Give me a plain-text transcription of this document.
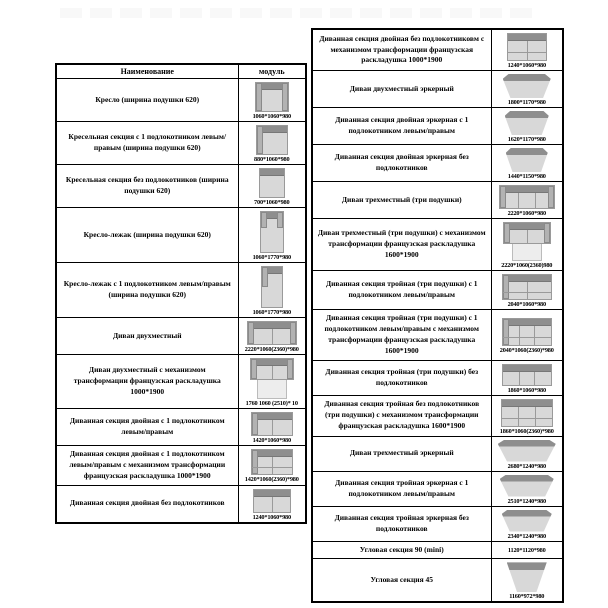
Наименование	модуль
Кресло (ширина подушки 620)	1060*1060*980

Кресельная секция с 1 подлокотником левым/правым (ширина подушки 620)	880*1060*980

Кресельная секция без подлокотников (ширина подушки 620)	700*1060*980

Кресло-лежак (ширина подушки 620)	1060*1770*980

Кресло-лежак с 1 подлокотником левым/правым (ширина подушки 620)	1060*1770*980

Диван двухместный	2220*1060(2360)*980

Диван двухместный с механизмом трансформации французская раскладушка 1000*1900	1760 1060 (2510)* 10

Диванная секция двойная с 1 подлокотником левым/правым	1420*1060*980

Диванная секция двойная с 1 подлокотником левым/правым с механизмом трансформации французская раскладушка 1000*1900	1420*1060(2360)*980

Диванная секция двойная без подлокотников	1240*1060*980
Диванная секция двойная без подлокотниковм с механизмом трансформации французская раскладушка 1000*1900	1240*1060*980

Диван двухместный эркерный	1800*1170*980

Диванная секция двойная эркерная с 1 подлокотником левым/правым	1620*1170*980

Диванная секция двойная эркерная без подлокотников	1440*1150*980

Диван трехместный (три подушки)	2220*1060*980

Диван трехместный (три подушки) с механизмом трансформации французская раскладушка 1600*1900	2220*1060(2360)980

Диванная секция тройная (три подушки) с 1 подлокотником левым/правым	2040*1060*980

Диванная секция тройная (три подушки) с 1 подлокотником левым/правым с механизмом трансформации французская раскладушка 1600*1900	2040*1060(2360)*980

Диванная секция тройная (три подушки) без подлокотников	1860*1060*980

Диванная секция тройная без подлокотников (три подушки) с механизмом трансформации французская раскладушка 1600*1900	1860*1060(2360)*980

Диван трехместный эркерный	2680*1240*980

Диванная секция тройная эркерная с 1 подлокотником левым/правым	2510*1240*980

Диванная секция тройная эркерная без подлокотников	2340*1240*980

Угловая секция 90 (mini)	1120*1120*980

Угловая секция 45	1160*972*980
